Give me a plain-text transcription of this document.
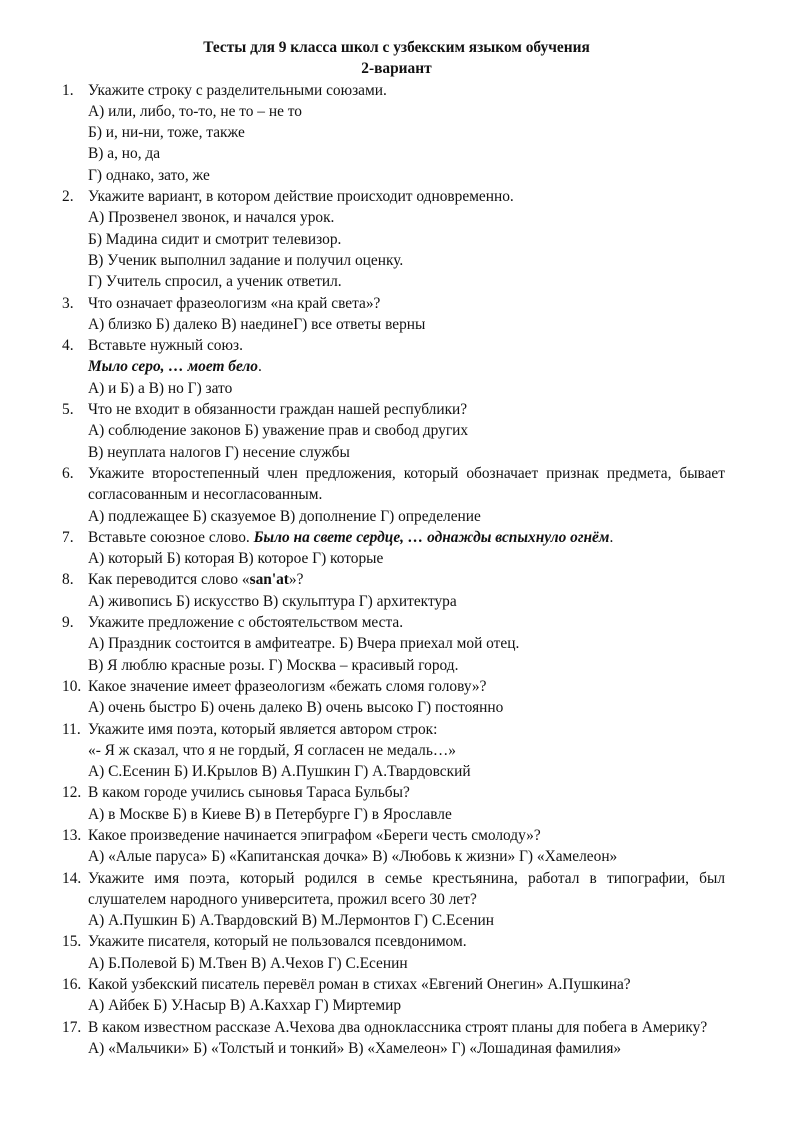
Тесты для 9 класса школ с узбекским языком обучения
2-вариант
1. Укажите строку с разделительными союзами.
А) или, либо, то-то, не то – не то
Б) и, ни-ни, тоже, также
В) а, но, да
Г) однако, зато, же
2. Укажите вариант, в котором действие происходит одновременно.
А) Прозвенел звонок, и начался урок.
Б) Мадина сидит и смотрит телевизор.
В) Ученик выполнил задание и получил оценку.
Г) Учитель спросил, а ученик ответил.
3. Что означает фразеологизм «на край света»?
А) близко Б) далеко В) наединеГ) все ответы верны
4. Вставьте нужный союз.
Мыло серо, … моет бело.
А) и Б) а В) но Г) зато
5. Что не входит в обязанности граждан нашей республики?
А) соблюдение законов Б) уважение прав и свобод других
В) неуплата налогов Г) несение службы
6. Укажите второстепенный член предложения, который обозначает признак предмета, бывает согласованным и несогласованным.
А) подлежащее Б) сказуемое В) дополнение Г) определение
7. Вставьте союзное слово. Было на свете сердце, … однажды вспыхнуло огнём.
А) который Б) которая В) которое Г) которые
8. Как переводится слово «san'at»?
А) живопись Б) искусство В) скульптура Г) архитектура
9. Укажите предложение с обстоятельством места.
А) Праздник состоится в амфитеатре. Б) Вчера приехал мой отец.
В) Я люблю красные розы. Г) Москва – красивый город.
10. Какое значение имеет фразеологизм «бежать сломя голову»?
А) очень быстро Б) очень далеко В) очень высоко Г) постоянно
11. Укажите имя поэта, который является автором строк:
«- Я ж сказал, что я не гордый, Я согласен не медаль…»
А) С.Есенин Б) И.Крылов В) А.Пушкин Г) А.Твардовский
12. В каком городе учились сыновья Тараса Бульбы?
А) в Москве Б) в Киеве В) в Петербурге Г) в Ярославле
13. Какое произведение начинается эпиграфом «Береги честь смолоду»?
А) «Алые паруса» Б) «Капитанская дочка» В) «Любовь к жизни» Г) «Хамелеон»
14. Укажите имя поэта, который родился в семье крестьянина, работал в типографии, был слушателем народного университета, прожил всего 30 лет?
А) А.Пушкин Б) А.Твардовский В) М.Лермонтов Г) С.Есенин
15. Укажите писателя, который не пользовался псевдонимом.
А) Б.Полевой Б) М.Твен В) А.Чехов Г) С.Есенин
16. Какой узбекский писатель перевёл роман в стихах «Евгений Онегин» А.Пушкина?
А) Айбек Б) У.Насыр В) А.Каххар Г) Миртемир
17. В каком известном рассказе А.Чехова два одноклассника строят планы для побега в Америку?
А) «Мальчики» Б) «Толстый и тонкий» В) «Хамелеон» Г) «Лошадиная фамилия»
